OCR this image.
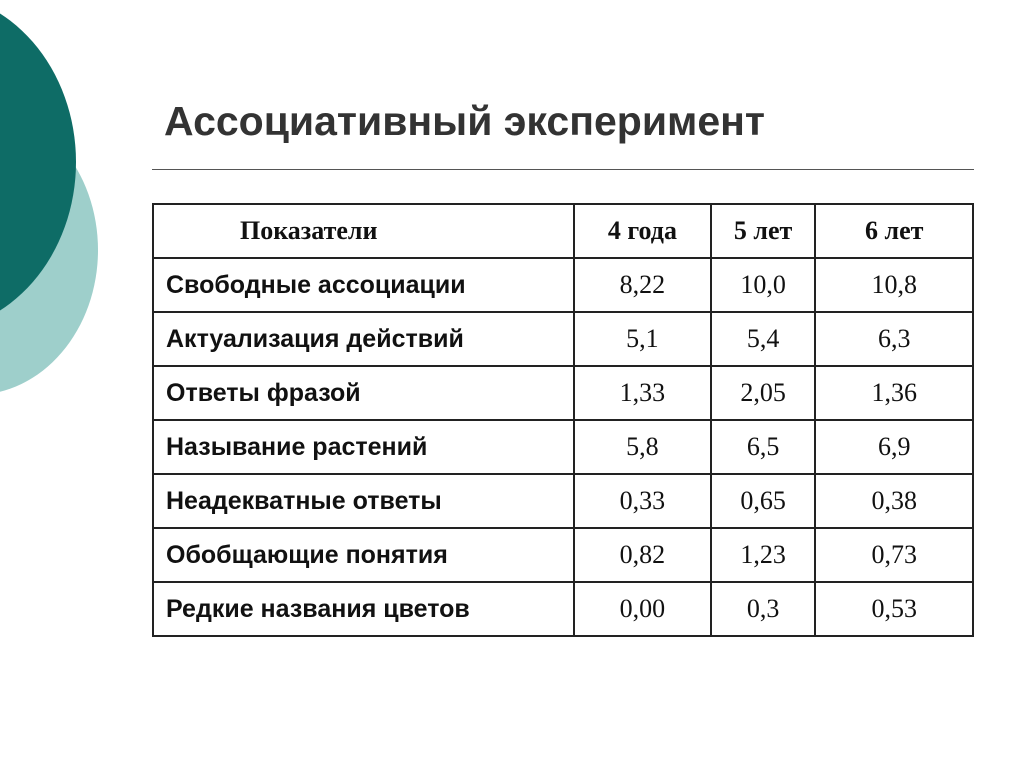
Ассоциативный эксперимент
Показатели	4 года	5 лет	6 лет
Свободные ассоциации	8,22	10,0	10,8
Актуализация действий	5,1	5,4	6,3
Ответы фразой	1,33	2,05	1,36
Называние растений	5,8	6,5	6,9
Неадекватные ответы	0,33	0,65	0,38
Обобщающие понятия	0,82	1,23	0,73
Редкие названия цветов	0,00	0,3	0,53
